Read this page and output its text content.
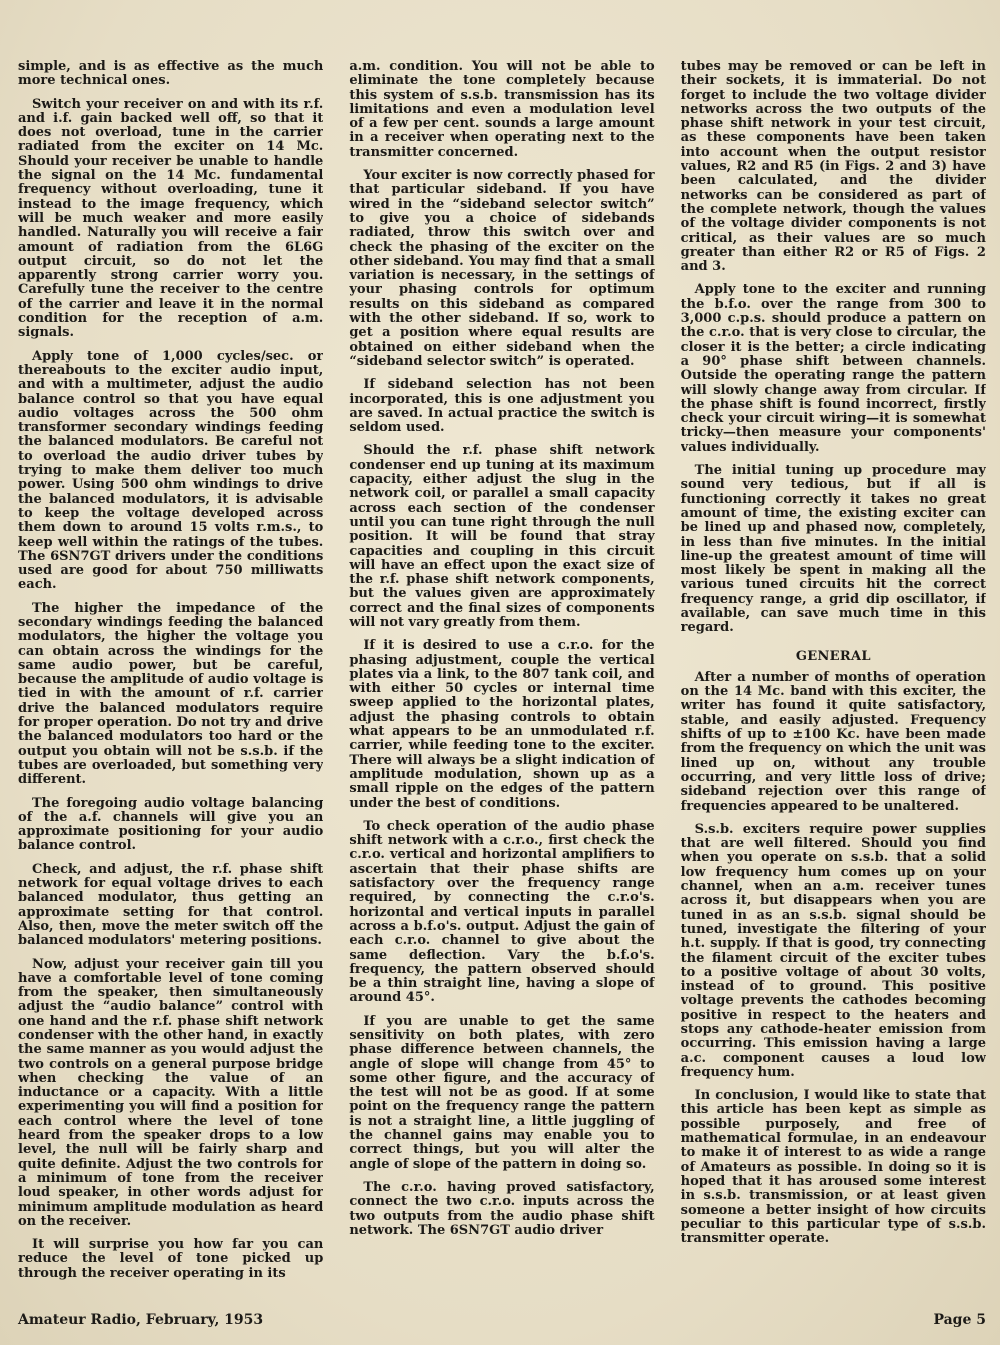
simple, and is as effective as the much more technical ones.

Switch your receiver on and with its r.f. and i.f. gain backed well off, so that it does not overload, tune in the carrier radiated from the exciter on 14 Mc. Should your receiver be unable to handle the signal on the 14 Mc. fundamental frequency without overloading, tune it instead to the image frequency, which will be much weaker and more easily handled. Naturally you will receive a fair amount of radiation from the 6L6G output circuit, so do not let the apparently strong carrier worry you. Carefully tune the receiver to the centre of the carrier and leave it in the normal condition for the reception of a.m. signals.

Apply tone of 1,000 cycles/sec. or thereabouts to the exciter audio input, and with a multimeter, adjust the audio balance control so that you have equal audio voltages across the 500 ohm transformer secondary windings feeding the balanced modulators. Be careful not to overload the audio driver tubes by trying to make them deliver too much power. Using 500 ohm windings to drive the balanced modulators, it is advisable to keep the voltage developed across them down to around 15 volts r.m.s., to keep well within the ratings of the tubes. The 6SN7GT drivers under the conditions used are good for about 750 milliwatts each.

The higher the impedance of the secondary windings feeding the balanced modulators, the higher the voltage you can obtain across the windings for the same audio power, but be careful, because the amplitude of audio voltage is tied in with the amount of r.f. carrier drive the balanced modulators require for proper operation. Do not try and drive the balanced modulators too hard or the output you obtain will not be s.s.b. if the tubes are overloaded, but something very different.

The foregoing audio voltage balancing of the a.f. channels will give you an approximate positioning for your audio balance control.

Check, and adjust, the r.f. phase shift network for equal voltage drives to each balanced modulator, thus getting an approximate setting for that control. Also, then, move the meter switch off the balanced modulators' metering positions.

Now, adjust your receiver gain till you have a comfortable level of tone coming from the speaker, then simultaneously adjust the “audio balance” control with one hand and the r.f. phase shift network condenser with the other hand, in exactly the same manner as you would adjust the two controls on a general purpose bridge when checking the value of an inductance or a capacity. With a little experimenting you will find a position for each control where the level of tone heard from the speaker drops to a low level, the null will be fairly sharp and quite definite. Adjust the two controls for a minimum of tone from the receiver loud speaker, in other words adjust for minimum amplitude modulation as heard on the receiver.

It will surprise you how far you can reduce the level of tone picked up through the receiver operating in its

a.m. condition. You will not be able to eliminate the tone completely because this system of s.s.b. transmission has its limitations and even a modulation level of a few per cent. sounds a large amount in a receiver when operating next to the transmitter concerned.

Your exciter is now correctly phased for that particular sideband. If you have wired in the “sideband selector switch” to give you a choice of sidebands radiated, throw this switch over and check the phasing of the exciter on the other sideband. You may find that a small variation is necessary, in the settings of your phasing controls for optimum results on this sideband as compared with the other sideband. If so, work to get a position where equal results are obtained on either sideband when the “sideband selector switch” is operated.

If sideband selection has not been incorporated, this is one adjustment you are saved. In actual practice the switch is seldom used.

Should the r.f. phase shift network condenser end up tuning at its maximum capacity, either adjust the slug in the network coil, or parallel a small capacity across each section of the condenser until you can tune right through the null position. It will be found that stray capacities and coupling in this circuit will have an effect upon the exact size of the r.f. phase shift network components, but the values given are approximately correct and the final sizes of components will not vary greatly from them.

If it is desired to use a c.r.o. for the phasing adjustment, couple the vertical plates via a link, to the 807 tank coil, and with either 50 cycles or internal time sweep applied to the horizontal plates, adjust the phasing controls to obtain what appears to be an unmodulated r.f. carrier, while feeding tone to the exciter. There will always be a slight indication of amplitude modulation, shown up as a small ripple on the edges of the pattern under the best of conditions.

To check operation of the audio phase shift network with a c.r.o., first check the c.r.o. vertical and horizontal amplifiers to ascertain that their phase shifts are satisfactory over the frequency range required, by connecting the c.r.o's. horizontal and vertical inputs in parallel across a b.f.o's. output. Adjust the gain of each c.r.o. channel to give about the same deflection. Vary the b.f.o's. frequency, the pattern observed should be a thin straight line, having a slope of around 45°.

If you are unable to get the same sensitivity on both plates, with zero phase difference between channels, the angle of slope will change from 45° to some other figure, and the accuracy of the test will not be as good. If at some point on the frequency range the pattern is not a straight line, a little juggling of the channel gains may enable you to correct things, but you will alter the angle of slope of the pattern in doing so.

The c.r.o. having proved satisfactory, connect the two c.r.o. inputs across the two outputs from the audio phase shift network. The 6SN7GT audio driver

tubes may be removed or can be left in their sockets, it is immaterial. Do not forget to include the two voltage divider networks across the two outputs of the phase shift network in your test circuit, as these components have been taken into account when the output resistor values, R2 and R5 (in Figs. 2 and 3) have been calculated, and the divider networks can be considered as part of the complete network, though the values of the voltage divider components is not critical, as their values are so much greater than either R2 or R5 of Figs. 2 and 3.

Apply tone to the exciter and running the b.f.o. over the range from 300 to 3,000 c.p.s. should produce a pattern on the c.r.o. that is very close to circular, the closer it is the better; a circle indicating a 90° phase shift between channels. Outside the operating range the pattern will slowly change away from circular. If the phase shift is found incorrect, firstly check your circuit wiring—it is somewhat tricky—then measure your components' values individually.

The initial tuning up procedure may sound very tedious, but if all is functioning correctly it takes no great amount of time, the existing exciter can be lined up and phased now, completely, in less than five minutes. In the initial line-up the greatest amount of time will most likely be spent in making all the various tuned circuits hit the correct frequency range, a grid dip oscillator, if available, can save much time in this regard.

GENERAL

After a number of months of operation on the 14 Mc. band with this exciter, the writer has found it quite satisfactory, stable, and easily adjusted. Frequency shifts of up to ±100 Kc. have been made from the frequency on which the unit was lined up on, without any trouble occurring, and very little loss of drive; sideband rejection over this range of frequencies appeared to be unaltered.

S.s.b. exciters require power supplies that are well filtered. Should you find when you operate on s.s.b. that a solid low frequency hum comes up on your channel, when an a.m. receiver tunes across it, but disappears when you are tuned in as an s.s.b. signal should be tuned, investigate the filtering of your h.t. supply. If that is good, try connecting the filament circuit of the exciter tubes to a positive voltage of about 30 volts, instead of to ground. This positive voltage prevents the cathodes becoming positive in respect to the heaters and stops any cathode-heater emission from occurring. This emission having a large a.c. component causes a loud low frequency hum.

In conclusion, I would like to state that this article has been kept as simple as possible purposely, and free of mathematical formulae, in an endeavour to make it of interest to as wide a range of Amateurs as possible. In doing so it is hoped that it has aroused some interest in s.s.b. transmission, or at least given someone a better insight of how circuits peculiar to this particular type of s.s.b. transmitter operate.

Amateur Radio, February, 1953	Page 5
